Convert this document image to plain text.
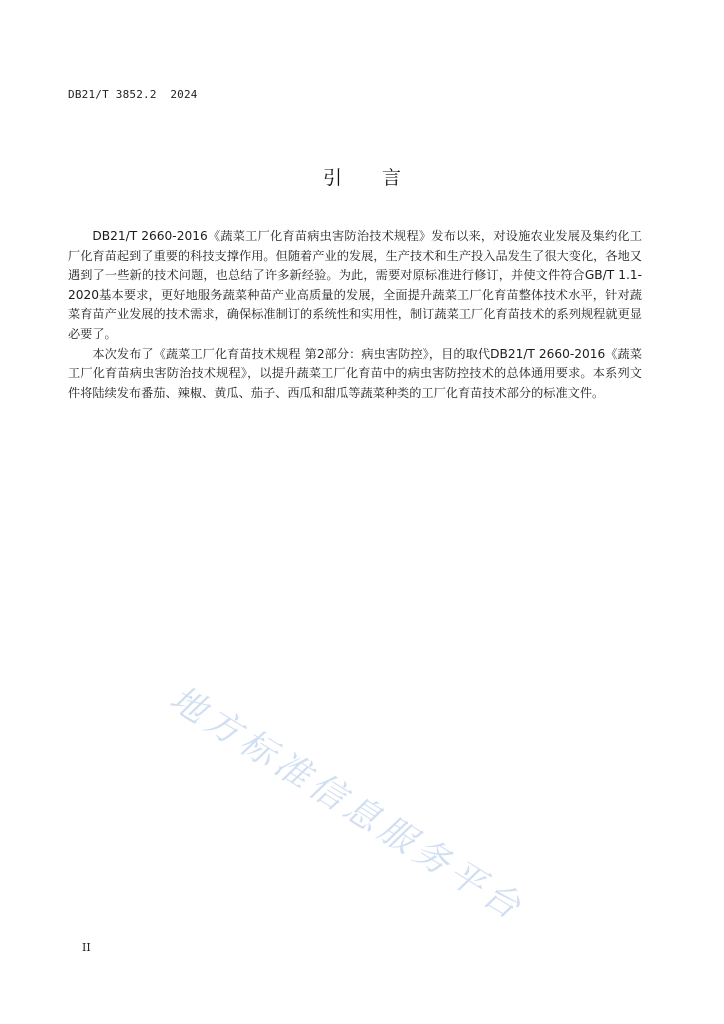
DB21/T 3852.2  2024
引言

DB21/T 2660-2016《蔬菜工厂化育苗病虫害防治技术规程》发布以来，对设施农业发展及集约化工厂化育苗起到了重要的科技支撑作用。但随着产业的发展，生产技术和生产投入品发生了很大变化，各地又遇到了一些新的技术问题，也总结了许多新经验。为此，需要对原标准进行修订，并使文件符合GB/T 1.1-2020基本要求，更好地服务蔬菜种苗产业高质量的发展，全面提升蔬菜工厂化育苗整体技术水平，针对蔬菜育苗产业发展的技术需求，确保标准制订的系统性和实用性，制订蔬菜工厂化育苗技术的系列规程就更显必要了。

本次发布了《蔬菜工厂化育苗技术规程 第2部分：病虫害防控》，目的取代DB21/T 2660-2016《蔬菜工厂化育苗病虫害防治技术规程》，以提升蔬菜工厂化育苗中的病虫害防控技术的总体通用要求。本系列文件将陆续发布番茄、辣椒、黄瓜、茄子、西瓜和甜瓜等蔬菜种类的工厂化育苗技术部分的标准文件。

地方标准信息服务平台
II
